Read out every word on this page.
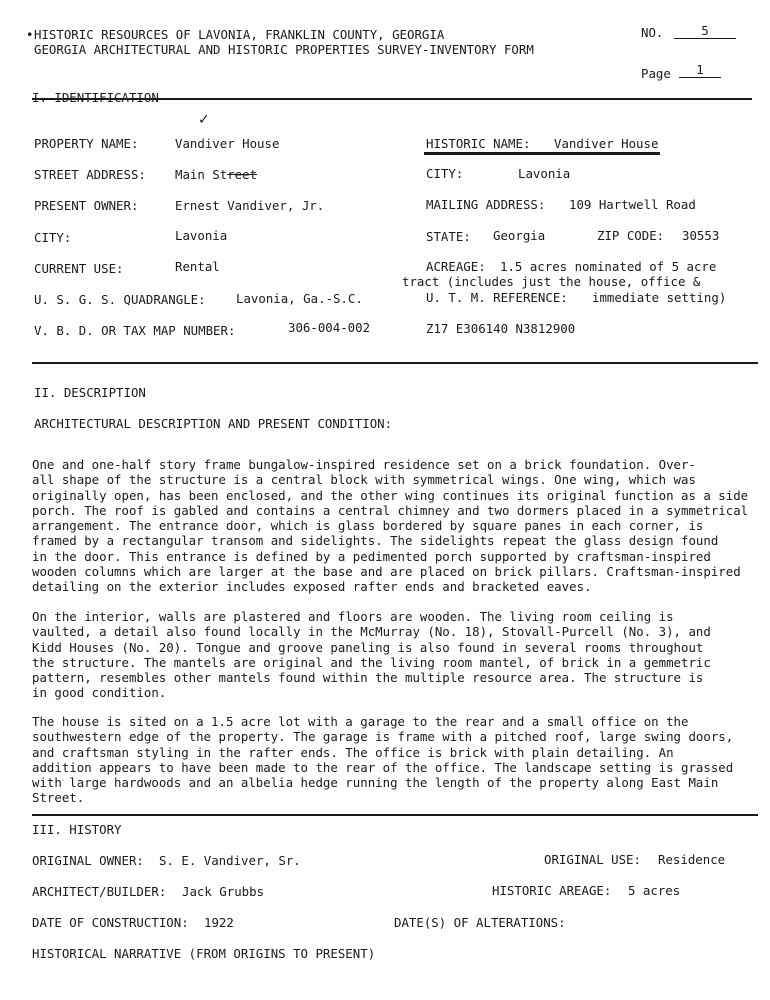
• HISTORIC RESOURCES OF LAVONIA, FRANKLIN COUNTY, GEORGIA
GEORGIA ARCHITECTURAL AND HISTORIC PROPERTIES SURVEY-INVENTORY FORM
NO.	5
Page	1
✓
PROPERTY NAME:	Vandiver House	HISTORIC NAME: Vandiver House
STREET ADDRESS: Main Street	CITY:	Lavonia
PRESENT OWNER:	Ernest Vandiver, Jr.	MAILING ADDRESS: 109 Hartwell Road
CITY:	Lavonia	STATE: Georgia	ZIP CODE: 30553
CURRENT USE:	Rental	ACREAGE: 1.5 acres nominated of 5 acre
tract (includes just the house, office &
U. S. G. S. QUADRANGLE: Lavonia, Ga.-S.C.	U. T. M. REFERENCE: immediate setting)
V. B. D. OR TAX MAP NUMBER:	306-004-002	Z17 E306140 N3812900
II. DESCRIPTION
ARCHITECTURAL DESCRIPTION AND PRESENT CONDITION:
One and one-half story frame bungalow-inspired residence set on a brick foundation. Over-
all shape of the structure is a central block with symmetrical wings. One wing, which was
originally open, has been enclosed, and the other wing continues its original function as a side
porch. The roof is gabled and contains a central chimney and two dormers placed in a symmetrical
arrangement. The entrance door, which is glass bordered by square panes in each corner, is
framed by a rectangular transom and sidelights. The sidelights repeat the glass design found
in the door. This entrance is defined by a pedimented porch supported by craftsman-inspired
wooden columns which are larger at the base and are placed on brick pillars. Craftsman-inspired
detailing on the exterior includes exposed rafter ends and bracketed eaves.
On the interior, walls are plastered and floors are wooden. The living room ceiling is
vaulted, a detail also found locally in the McMurray (No. 18), Stovall-Purcell (No. 3), and
Kidd Houses (No. 20). Tongue and groove paneling is also found in several rooms throughout
the structure. The mantels are original and the living room mantel, of brick in a gemmetric
pattern, resembles other mantels found within the multiple resource area. The structure is
in good condition.
The house is sited on a 1.5 acre lot with a garage to the rear and a small office on the
southwestern edge of the property. The garage is frame with a pitched roof, large swing doors,
and craftsman styling in the rafter ends. The office is brick with plain detailing. An
addition appears to have been made to the rear of the office. The landscape setting is grassed
with large hardwoods and an albelia hedge running the length of the property along East Main
Street.
III. HISTORY
ORIGINAL OWNER: S. E. Vandiver, Sr.	ORIGINAL USE: Residence
ARCHITECT/BUILDER: Jack Grubbs	HISTORIC AREAGE: 5 acres
DATE OF CONSTRUCTION: 1922	DATE(S) OF ALTERATIONS:
HISTORICAL NARRATIVE (FROM ORIGINS TO PRESENT)
